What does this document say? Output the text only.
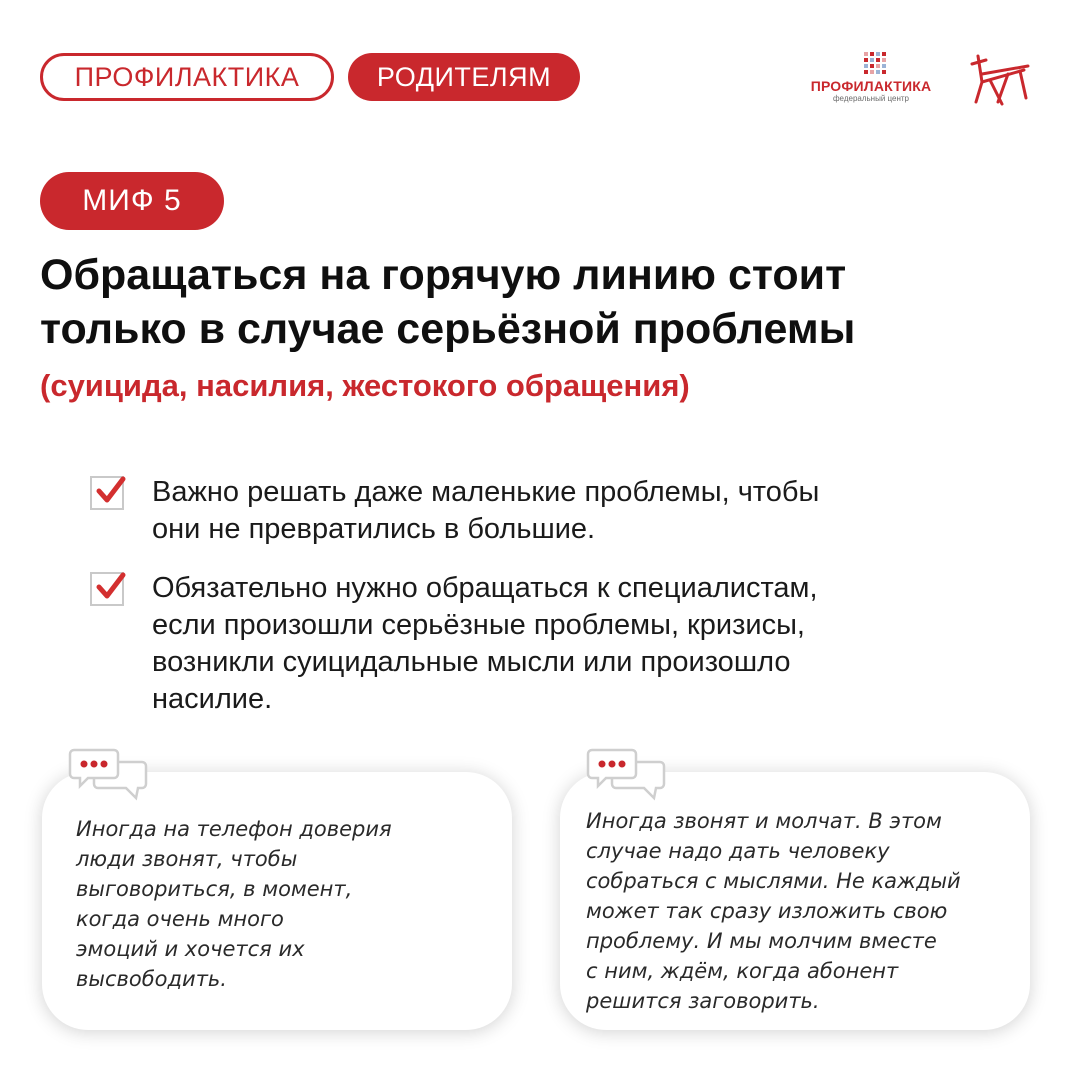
ПРОФИЛАКТИКА	РОДИТЕЛЯМ	ПРОФИЛАКТИКА
федеральный центр
МИФ 5
Обращаться на горячую линию стоит
только в случае серьёзной проблемы
(суицида, насилия, жестокого обращения)
Важно решать даже маленькие проблемы, чтобы
они не превратились в большие.
Обязательно нужно обращаться к специалистам,
если произошли серьёзные проблемы, кризисы,
возникли суицидальные мысли или произошло
насилие.
Иногда на телефон доверия
люди звонят, чтобы
выговориться, в момент,
когда очень много
эмоций и хочется их
высвободить.
Иногда звонят и молчат. В этом
случае надо дать человеку
собраться с мыслями. Не каждый
может так сразу изложить свою
проблему. И мы молчим вместе
с ним, ждём, когда абонент
решится заговорить.
